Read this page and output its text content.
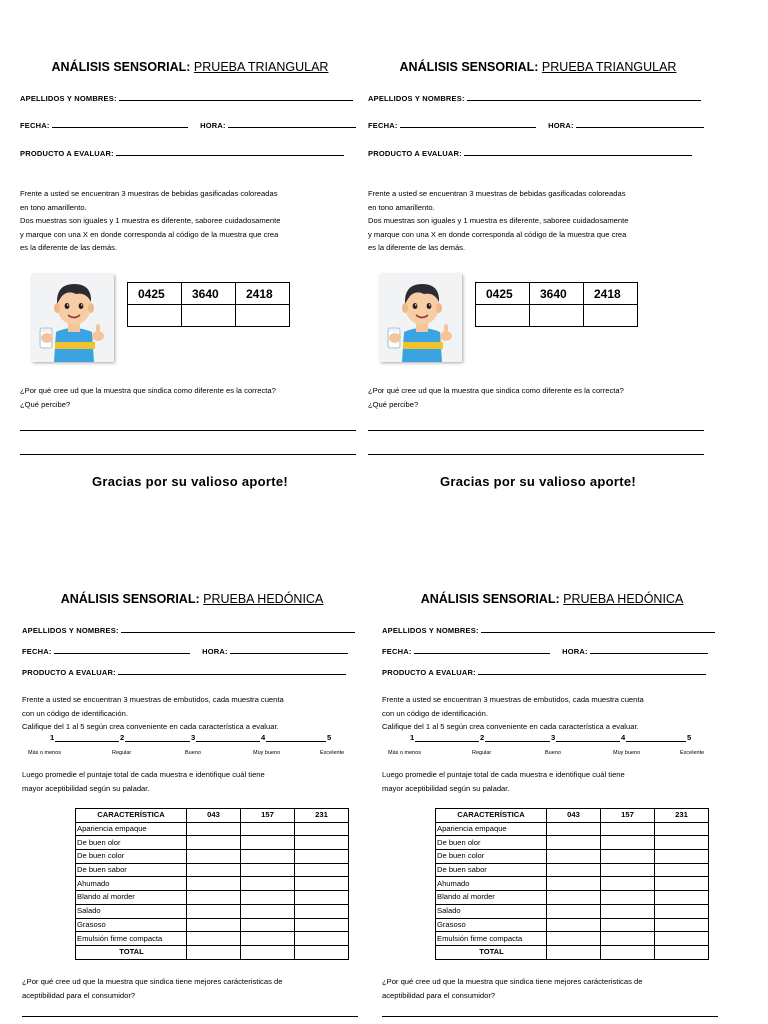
ANÁLISIS SENSORIAL: PRUEBA TRIANGULAR
APELLIDOS Y NOMBRES:
FECHA:	HORA:
PRODUCTO A EVALUAR:
Frente a usted se encuentran 3 muestras de bebidas gasificadas coloreadas
en tono amarillento.
Dos muestras son iguales y 1 muestra es diferente, saboree cuidadosamente
y marque con una X en donde corresponda al código de la muestra que crea
es la diferente de las demás.
0425	3640	2418

¿Por qué cree ud que la muestra que sindica como diferente es la correcta?
¿Qué percibe?
Gracias por su valioso aporte!
ANÁLISIS SENSORIAL: PRUEBA TRIANGULAR
APELLIDOS Y NOMBRES:
FECHA:	HORA:
PRODUCTO A EVALUAR:
Frente a usted se encuentran 3 muestras de bebidas gasificadas coloreadas
en tono amarillento.
Dos muestras son iguales y 1 muestra es diferente, saboree cuidadosamente
y marque con una X en donde corresponda al código de la muestra que crea
es la diferente de las demás.
0425	3640	2418

¿Por qué cree ud que la muestra que sindica como diferente es la correcta?
¿Qué percibe?
Gracias por su valioso aporte!
ANÁLISIS SENSORIAL: PRUEBA HEDÓNICA
APELLIDOS Y NOMBRES:
FECHA:	HORA:
PRODUCTO A EVALUAR:
Frente a usted se encuentran 3 muestras de embutidos, cada muestra cuenta
con un código de identificación.
Califique del 1 al 5 según crea conveniente en cada característica a evaluar.
1	2	3	4	5
Más o menos	Regular	Bueno	Muy bueno	Excelente
Luego promedie el puntaje total de cada muestra e identifique cuál tiene
mayor aceptibilidad según su paladar.
CARACTERÍSTICA	043	157	231
Apariencia empaque			
De buen olor			
De buen color			
De buen sabor			
Ahumado			
Blando al morder			
Salado			
Grasoso			
Emulsión firme compacta			
TOTAL			
¿Por qué cree ud que la muestra que sindica tiene mejores carácteristicas de
aceptibilidad para el consumidor?
ANÁLISIS SENSORIAL: PRUEBA HEDÓNICA
APELLIDOS Y NOMBRES:
FECHA:	HORA:
PRODUCTO A EVALUAR:
Frente a usted se encuentran 3 muestras de embutidos, cada muestra cuenta
con un código de identificación.
Califique del 1 al 5 según crea conveniente en cada característica a evaluar.
1	2	3	4	5
Más o menos	Regular	Bueno	Muy bueno	Excelente
Luego promedie el puntaje total de cada muestra e identifique cuál tiene
mayor aceptibilidad según su paladar.
CARACTERÍSTICA	043	157	231
Apariencia empaque			
De buen olor			
De buen color			
De buen sabor			
Ahumado			
Blando al morder			
Salado			
Grasoso			
Emulsión firme compacta			
TOTAL			
¿Por qué cree ud que la muestra que sindica tiene mejores carácteristicas de
aceptibilidad para el consumidor?
